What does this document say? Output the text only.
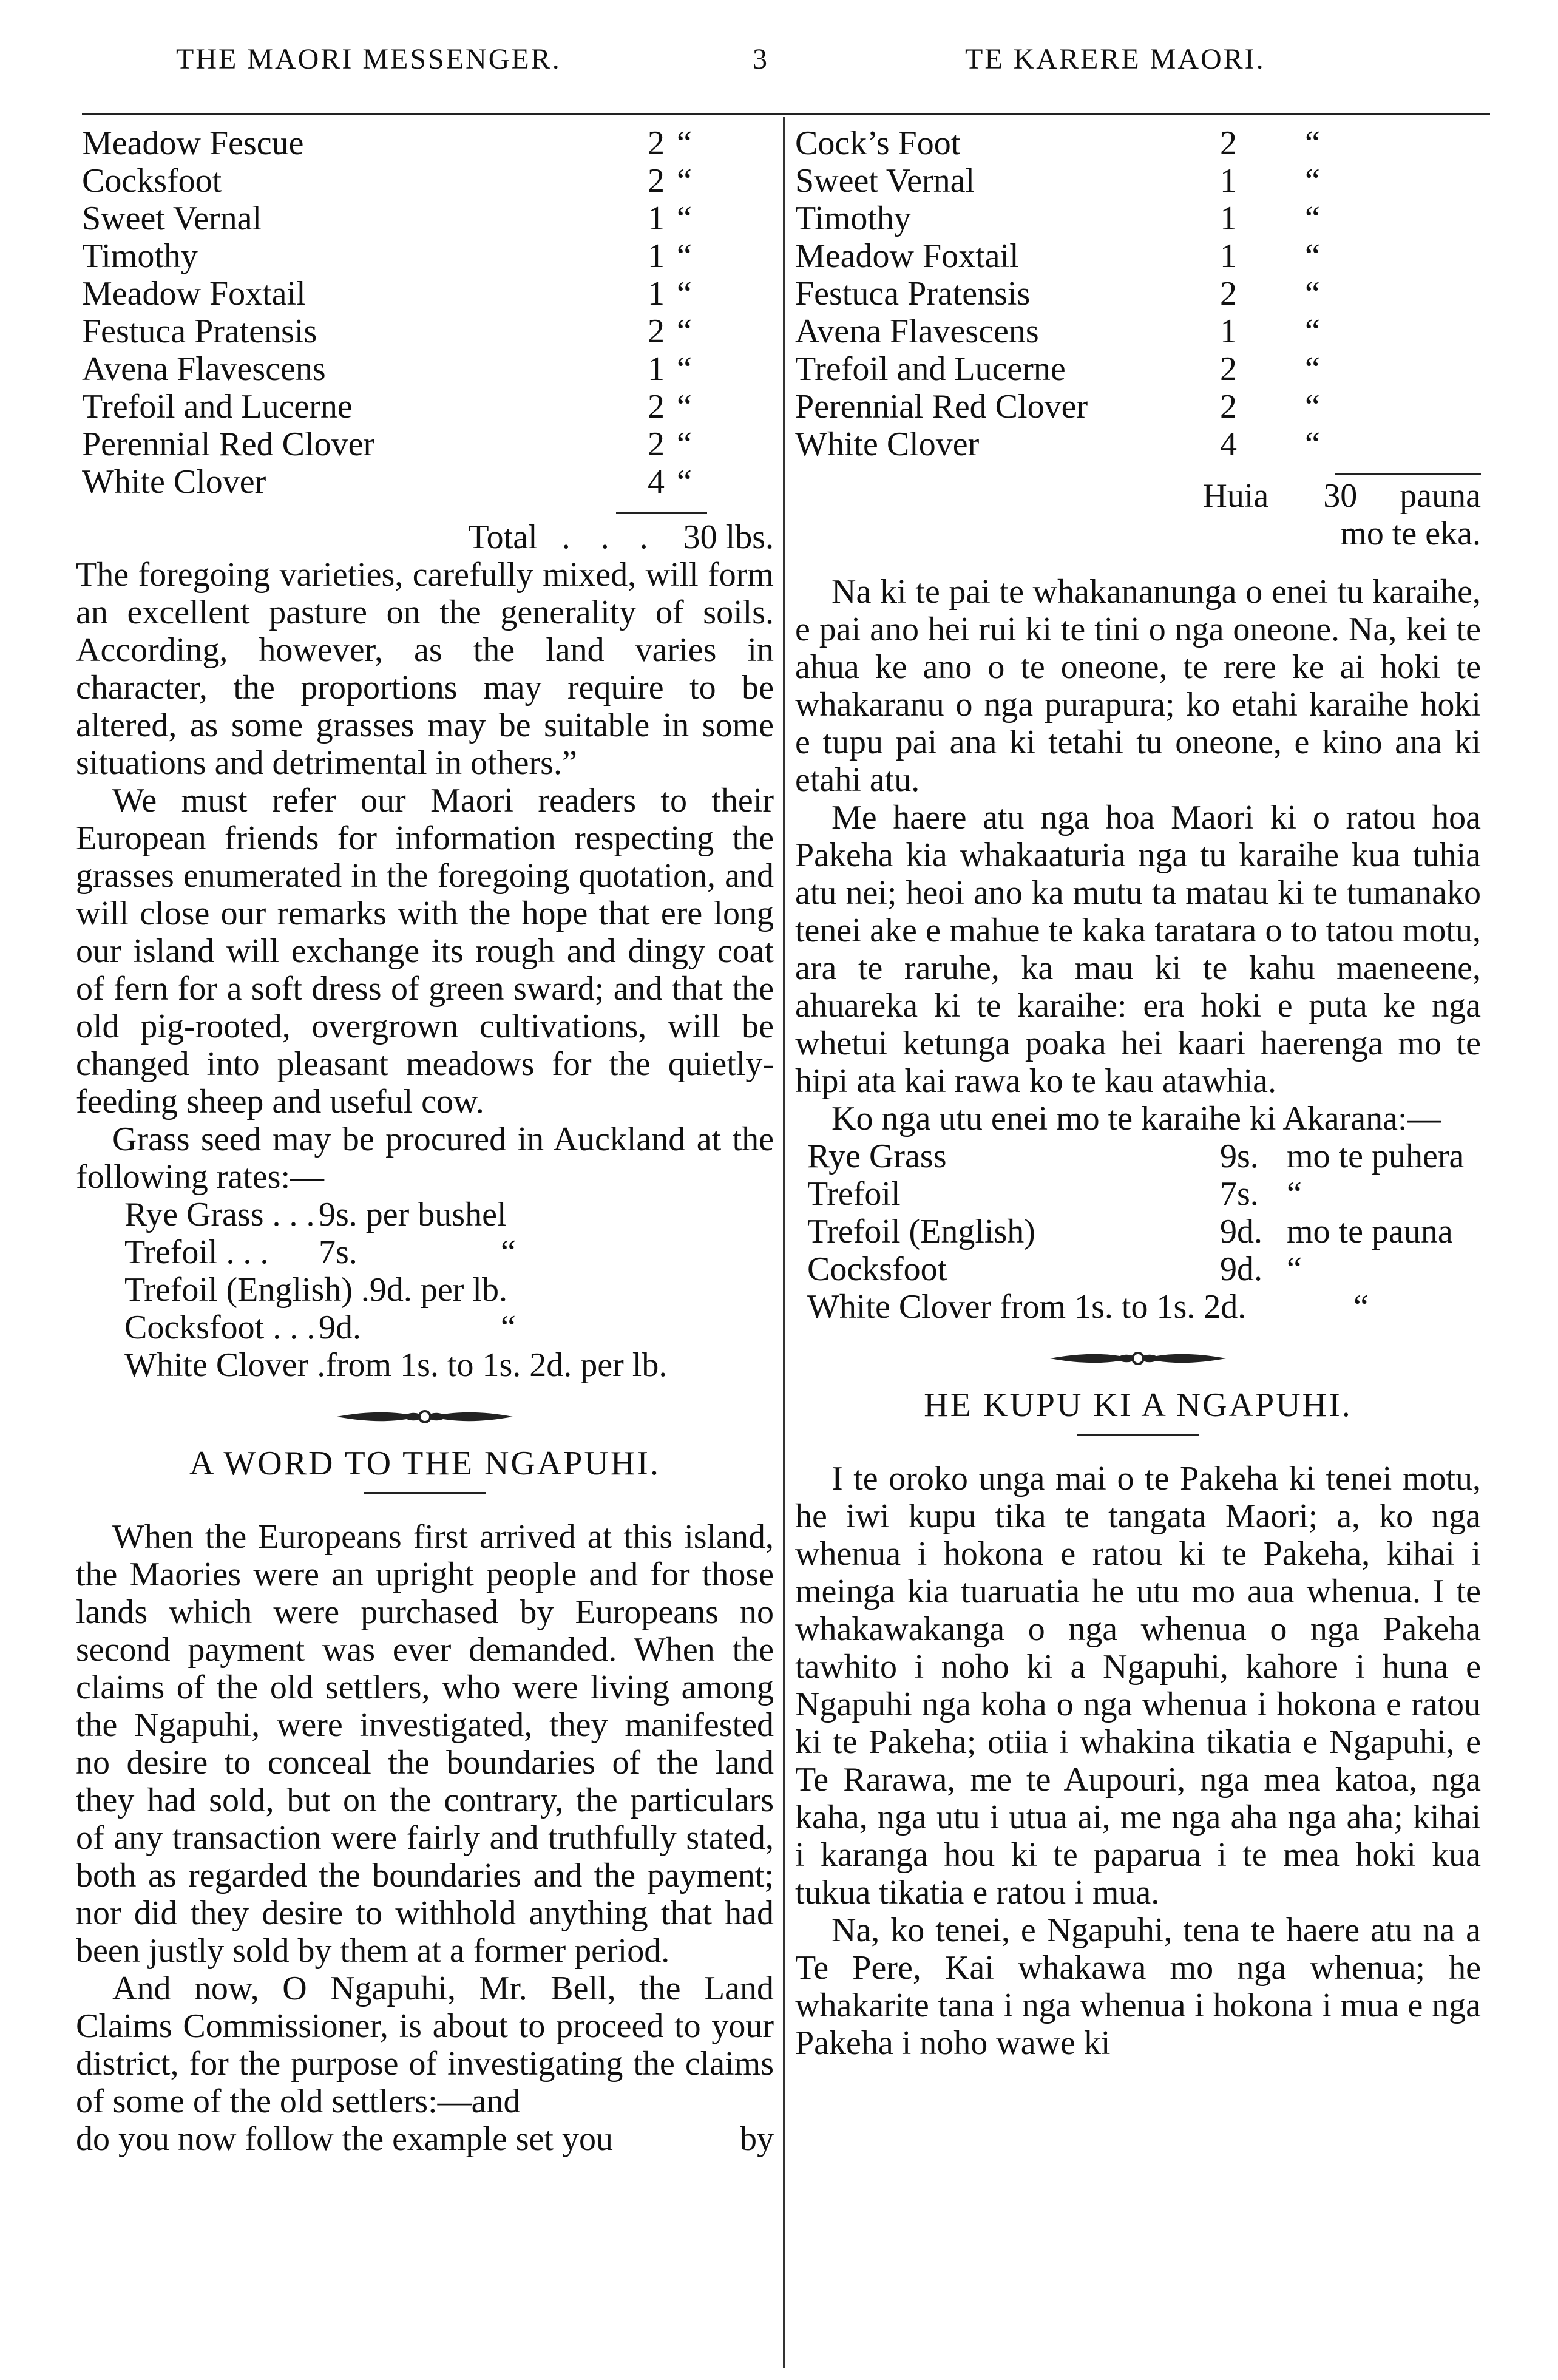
THE MAORI MESSENGER.	3	TE KARERE MAORI.
Meadow Fescue	2 “
Cocksfoot	2 “
Sweet Vernal	1 “
Timothy	1 “
Meadow Foxtail	1 “
Festuca Pratensis	2 “
Avena Flavescens	1 “
Trefoil and Lucerne	2 “
Perennial Red Clover	2 “
White Clover	4 “
Total . . . 30 lbs.

The foregoing varieties, carefully mixed, will form an excellent pasture on the generality of soils. According, however, as the land varies in character, the proportions may require to be altered, as some grasses may be suitable in some situations and detrimental in others.”

We must refer our Maori readers to their European friends for information respecting the grasses enumerated in the foregoing quotation, and will close our remarks with the hope that ere long our island will exchange its rough and dingy coat of fern for a soft dress of green sward; and that the old pig-rooted, overgrown cultivations, will be changed into pleasant meadows for the quietly-feeding sheep and useful cow.

Grass seed may be procured in Auckland at the following rates:—

Rye Grass . . . 9s. per bushel
Trefoil . . .	7s.	“
Trefoil (English) . 9d. per lb.
Cocksfoot . . . 9d.	“
White Clover . from 1s. to 1s. 2d. per lb.
A WORD TO THE NGAPUHI.

When the Europeans first arrived at this island, the Maories were an upright people and for those lands which were purchased by Europeans no second payment was ever demanded. When the claims of the old settlers, who were living among the Ngapuhi, were investigated, they manifested no desire to conceal the boundaries of the land they had sold, but on the contrary, the particulars of any transaction were fairly and truthfully stated, both as regarded the boundaries and the payment; nor did they desire to withhold anything that had been justly sold by them at a former period.

And now, O Ngapuhi, Mr. Bell, the Land Claims Commissioner, is about to proceed to your district, for the purpose of investigating the claims of some of the old settlers:—and

do you now follow the example set you	by
Cock’s Foot	2	“
Sweet Vernal	1	“
Timothy	1	“
Meadow Foxtail	1	“
Festuca Pratensis	2	“
Avena Flavescens	1	“
Trefoil and Lucerne	2	“
Perennial Red Clover	2	“
White Clover	4	“
Huia 30 pauna
mo te eka.

Na ki te pai te whakananunga o enei tu karaihe, e pai ano hei rui ki te tini o nga oneone. Na, kei te ahua ke ano o te oneone, te rere ke ai hoki te whakaranu o nga purapura; ko etahi karaihe hoki e tupu pai ana ki tetahi tu oneone, e kino ana ki etahi atu.

Me haere atu nga hoa Maori ki o ratou hoa Pakeha kia whakaaturia nga tu karaihe kua tuhia atu nei; heoi ano ka mutu ta matau ki te tumanako tenei ake e mahue te kaka taratara o to tatou motu, ara te raruhe, ka mau ki te kahu maeneene, ahuareka ki te karaihe: era hoki e puta ke nga whetui ketunga poaka hei kaari haerenga mo te hipi ata kai rawa ko te kau atawhia.

Ko nga utu enei mo te karaihe ki Akarana:—

Rye Grass	9s. mo te puhera
Trefoil	7s. “
Trefoil (English)	9d. mo te pauna
Cocksfoot	9d. “
White Clover from 1s. to 1s. 2d.	“
HE KUPU KI A NGAPUHI.

I te oroko unga mai o te Pakeha ki tenei motu, he iwi kupu tika te tangata Maori; a, ko nga whenua i hokona e ratou ki te Pakeha, kihai i meinga kia tuaruatia he utu mo aua whenua. I te whakawakanga o nga whenua o nga Pakeha tawhito i noho ki a Ngapuhi, kahore i huna e Ngapuhi nga koha o nga whenua i hokona e ratou ki te Pakeha; otiia i whakina tikatia e Ngapuhi, e Te Rarawa, me te Aupouri, nga mea katoa, nga kaha, nga utu i utua ai, me nga aha nga aha; kihai i karanga hou ki te paparua i te mea hoki kua tukua tikatia e ratou i mua.

Na, ko tenei, e Ngapuhi, tena te haere atu na a Te Pere, Kai whakawa mo nga whenua; he whakarite tana i nga whenua i hokona i mua e nga Pakeha i noho wawe ki
